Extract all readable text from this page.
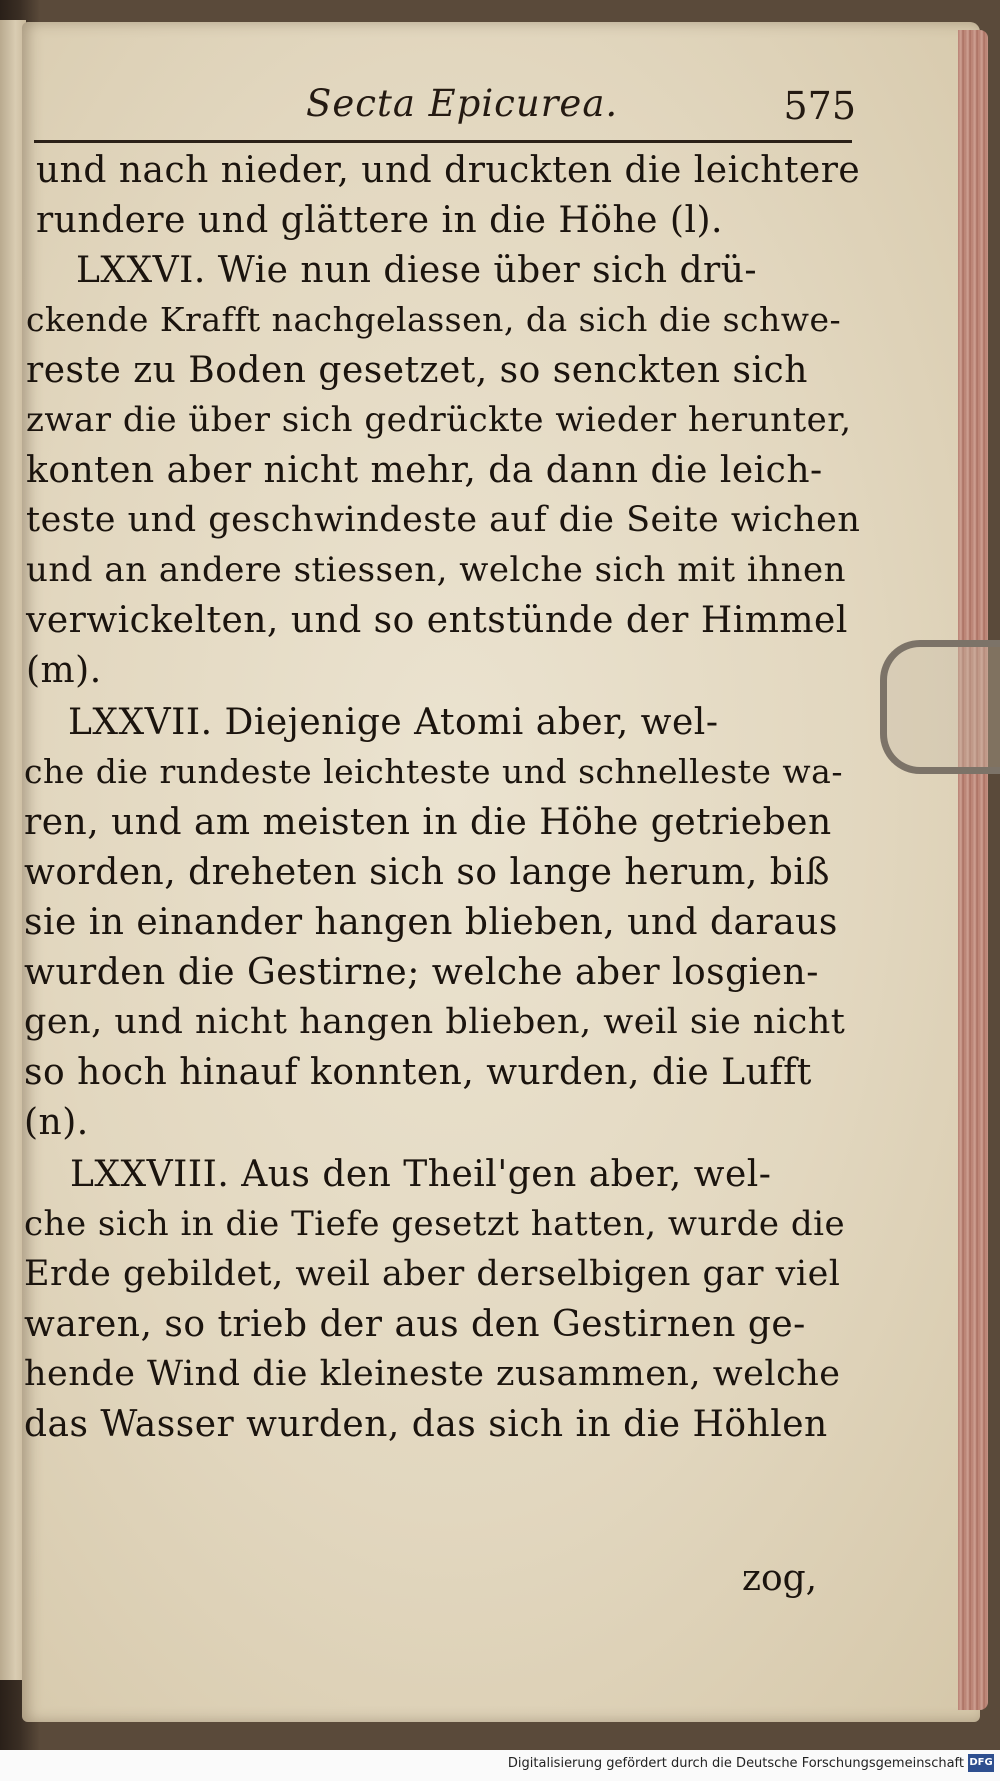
Secta Epicurea.	575
und nach nieder, und druckten die leichtere
rundere und glättere in die Höhe (l).
LXXVI. Wie nun diese über sich drü-
ckende Krafft nachgelassen, da sich die schwe-
reste zu Boden gesetzet, so senckten sich
zwar die über sich gedrückte wieder herunter,
konten aber nicht mehr, da dann die leich-
teste und geschwindeste auf die Seite wichen
und an andere stiessen, welche sich mit ihnen
verwickelten, und so entstünde der Himmel
(m).
LXXVII. Diejenige Atomi aber, wel-
che die rundeste leichteste und schnelleste wa-
ren, und am meisten in die Höhe getrieben
worden, dreheten sich so lange herum, biß
sie in einander hangen blieben, und daraus
wurden die Gestirne; welche aber losgien-
gen, und nicht hangen blieben, weil sie nicht
so hoch hinauf konnten, wurden, die Lufft
(n).
LXXVIII. Aus den Theil'gen aber, wel-
che sich in die Tiefe gesetzt hatten, wurde die
Erde gebildet, weil aber derselbigen gar viel
waren, so trieb der aus den Gestirnen ge-
hende Wind die kleineste zusammen, welche
das Wasser wurden, das sich in die Höhlen
zog,
Digitalisierung gefördert durch die Deutsche Forschungsgemeinschaft DFG
